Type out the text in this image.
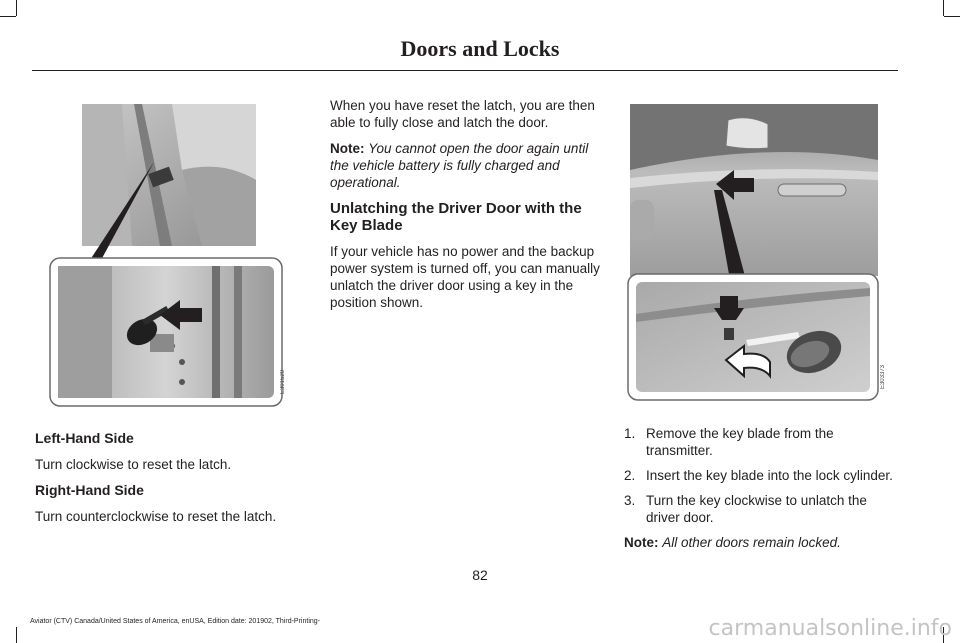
Doors and Locks
E301520

Left-Hand Side

Turn clockwise to reset the latch.

Right-Hand Side

Turn counterclockwise to reset the latch.

When you have reset the latch, you are then able to fully close and latch the door.

Note: You cannot open the door again until the vehicle battery is fully charged and operational.

Unlatching the Driver Door with the Key Blade

If your vehicle has no power and the backup power system is turned off, you can manually unlatch the driver door using a key in the position shown.

E303373
1. Remove the key blade from the transmitter.
2. Insert the key blade into the lock cylinder.
3. Turn the key clockwise to unlatch the driver door.

Note: All other doors remain locked.

82
Aviator (CTV) Canada/United States of America, enUSA, Edition date: 201902, Third-Printing-	carmanualsonline.info
